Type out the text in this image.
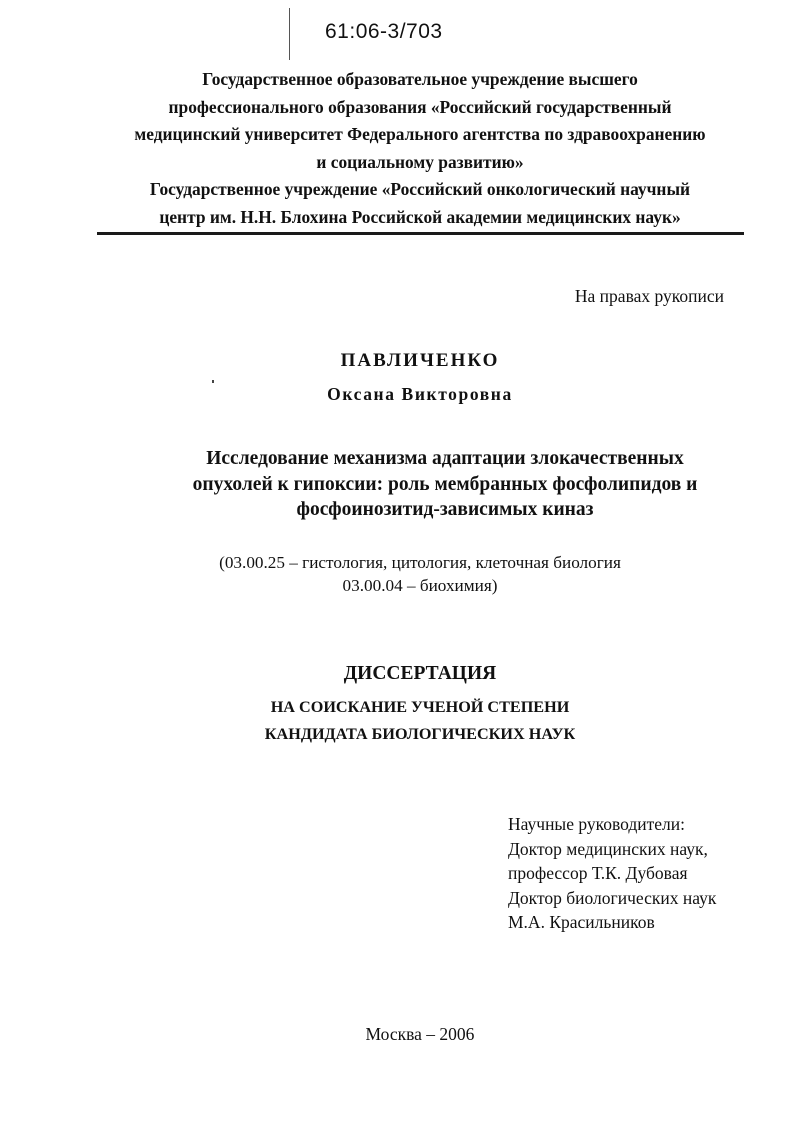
61:06-3/703
Государственное образовательное учреждение высшего
профессионального образования «Российский государственный
медицинский университет Федерального агентства по здравоохранению
и социальному развитию»
Государственное учреждение «Российский онкологический научный
центр им. Н.Н. Блохина Российской академии медицинских наук»
На правах рукописи
ПАВЛИЧЕНКО
Оксана Викторовна
Исследование механизма адаптации злокачественных
опухолей к гипоксии: роль мембранных фосфолипидов и
фосфоинозитид-зависимых киназ
(03.00.25 – гистология, цитология, клеточная биология
03.00.04 – биохимия)
ДИССЕРТАЦИЯ
НА СОИСКАНИЕ УЧЕНОЙ СТЕПЕНИ
КАНДИДАТА БИОЛОГИЧЕСКИХ НАУК
Научные руководители:
Доктор медицинских наук,
профессор Т.К. Дубовая
Доктор биологических наук
М.А. Красильников
Москва – 2006
